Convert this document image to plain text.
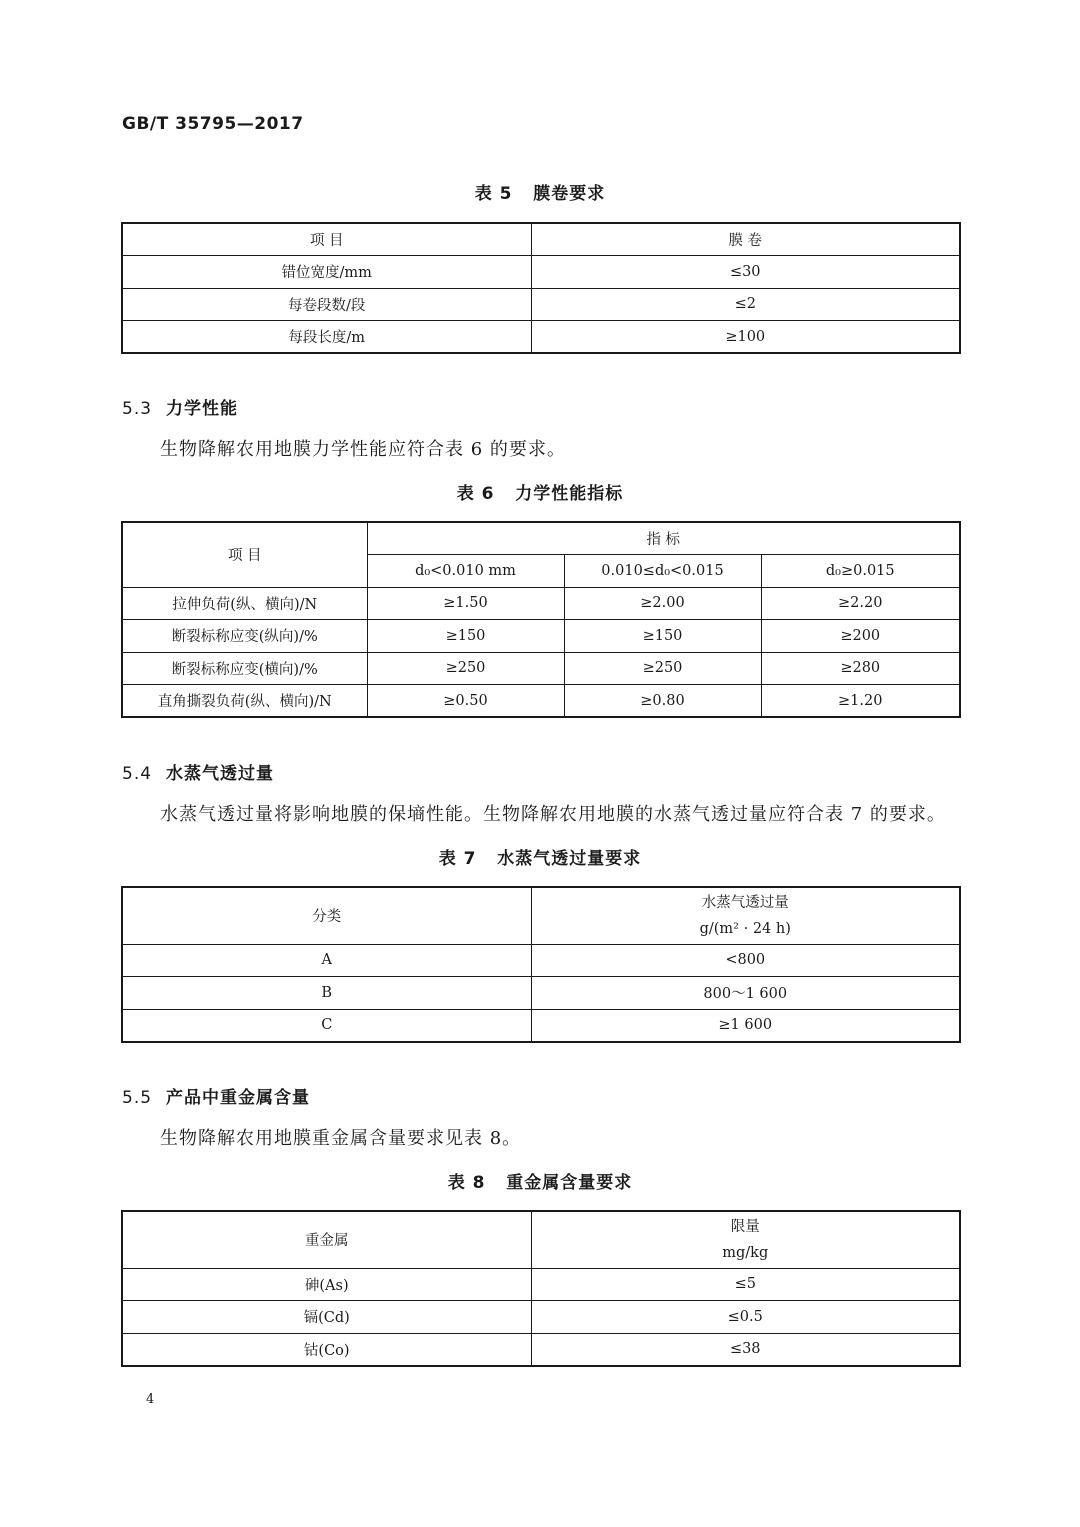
GB/T 35795—2017
表 5   膜卷要求
项 目	膜 卷
错位宽度/mm	≤30
每卷段数/段	≤2
每段长度/m	≥100
5.3 力学性能
生物降解农用地膜力学性能应符合表 6 的要求。
表 6   力学性能指标
项 目	指 标		
	d₀<0.010 mm	0.010≤d₀<0.015	d₀≥0.015
拉伸负荷(纵、横向)/N	≥1.50	≥2.00	≥2.20
断裂标称应变(纵向)/%	≥150	≥150	≥200
断裂标称应变(横向)/%	≥250	≥250	≥280
直角撕裂负荷(纵、横向)/N	≥0.50	≥0.80	≥1.20
5.4 水蒸气透过量
水蒸气透过量将影响地膜的保墒性能。生物降解农用地膜的水蒸气透过量应符合表 7 的要求。
表 7   水蒸气透过量要求
分类	水蒸气透过量
g/(m² · 24 h)

A	<800
B	800～1 600
C	≥1 600
5.5 产品中重金属含量
生物降解农用地膜重金属含量要求见表 8。
表 8   重金属含量要求
重金属	限量
mg/kg

砷(As)	≤5
镉(Cd)	≤0.5
钴(Co)	≤38
4
